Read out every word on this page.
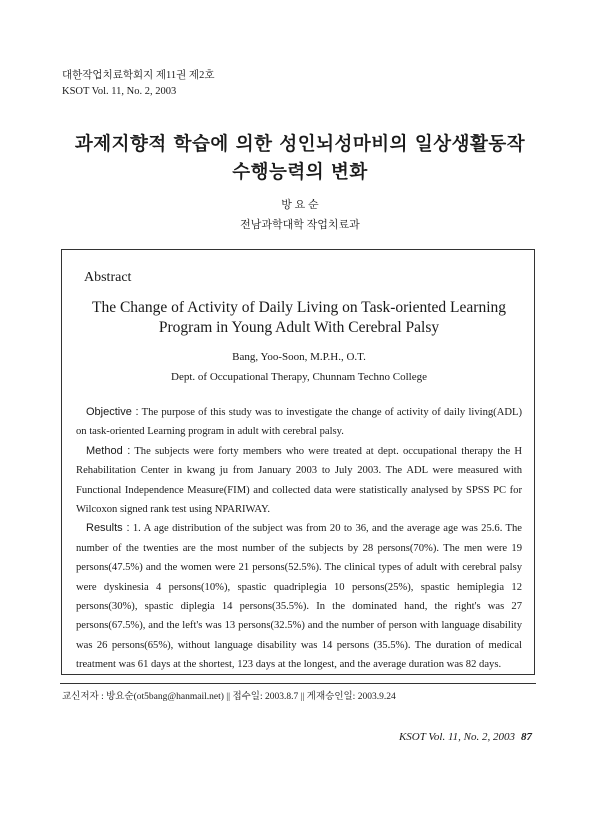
대한작업치료학회지 제11권 제2호
KSOT Vol. 11, No. 2, 2003
과제지향적 학습에 의한 성인뇌성마비의 일상생활동작
수행능력의 변화
방 요 순
전남과학대학 작업치료과
Abstract
The Change of Activity of Daily Living on Task-oriented Learning
Program in Young Adult With Cerebral Palsy
Bang, Yoo-Soon, M.P.H., O.T.
Dept. of Occupational Therapy, Chunnam Techno College

Objective : The purpose of this study was to investigate the change of activity of daily living(ADL) on task-oriented Learning program in adult with cerebral palsy.

Method : The subjects were forty members who were treated at dept. occupational therapy the H Rehabilitation Center in kwang ju from January 2003 to July 2003. The ADL were measured with Functional Independence Measure(FIM) and collected data were statistically analysed by SPSS PC for Wilcoxon signed rank test using NPARIWAY.

Results : 1. A age distribution of the subject was from 20 to 36, and the average age was 25.6. The number of the twenties are the most number of the subjects by 28 persons(70%). The men were 19 persons(47.5%) and the women were 21 persons(52.5%). The clinical types of adult with cerebral palsy were dyskinesia 4 persons(10%), spastic quadriplegia 10 persons(25%), spastic hemiplegia 12 persons(30%), spastic diplegia 14 persons(35.5%). In the dominated hand, the right's was 27 persons(67.5%), and the left's was 13 persons(32.5%) and the number of person with language disability was 26 persons(65%), without language disability was 14 persons (35.5%). The duration of medical treatment was 61 days at the shortest, 123 days at the longest, and the average duration was 82 days.

교신저자 : 방요순(ot5bang@hanmail.net) || 접수일: 2003.8.7 || 게재승인일: 2003.9.24
KSOT Vol. 11, No. 2, 2003 87
